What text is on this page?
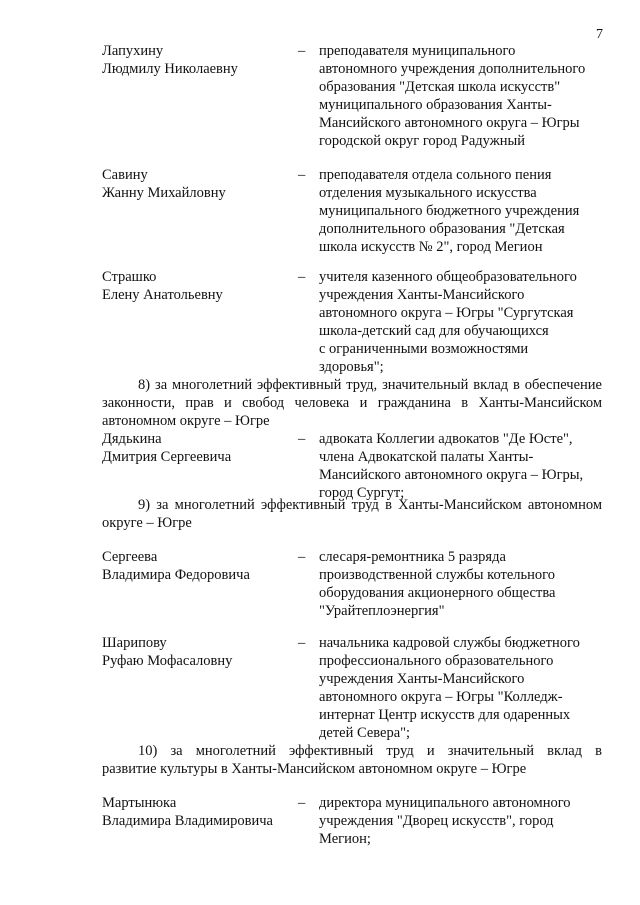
7
Лапухину
Людмилу Николаевну
– преподавателя муниципального
автономного учреждения дополнительного
образования "Детская школа искусств"
муниципального образования Ханты-
Мансийского автономного округа – Югры
городской округ город Радужный
Савину
Жанну Михайловну
– преподавателя отдела сольного пения
отделения музыкального искусства
муниципального бюджетного учреждения
дополнительного образования "Детская
школа искусств № 2", город Мегион
Страшко
Елену Анатольевну
– учителя казенного общеобразовательного
учреждения Ханты-Мансийского
автономного округа – Югры "Сургутская
школа-детский сад для обучающихся
с ограниченными возможностями
здоровья";
8) за многолетний эффективный труд, значительный вклад в обеспечение
законности, прав и свобод человека и гражданина в Ханты-Мансийском
автономном округе – Югре
Дядькина
Дмитрия Сергеевича
– адвоката Коллегии адвокатов "Де Юсте",
члена Адвокатской палаты Ханты-
Мансийского автономного округа – Югры,
город Сургут;
9) за многолетний эффективный труд в Ханты-Мансийском автономном
округе – Югре
Сергеева
Владимира Федоровича
– слесаря-ремонтника 5 разряда
производственной службы котельного
оборудования акционерного общества
"Урайтеплоэнергия"
Шарипову
Руфаю Мофасаловну
– начальника кадровой службы бюджетного
профессионального образовательного
учреждения Ханты-Мансийского
автономного округа – Югры "Колледж-
интернат Центр искусств для одаренных
детей Севера";
10) за многолетний эффективный труд и значительный вклад в
развитие культуры в Ханты-Мансийском автономном округе – Югре
Мартынюка
Владимира Владимировича
– директора муниципального автономного
учреждения "Дворец искусств", город
Мегион;
